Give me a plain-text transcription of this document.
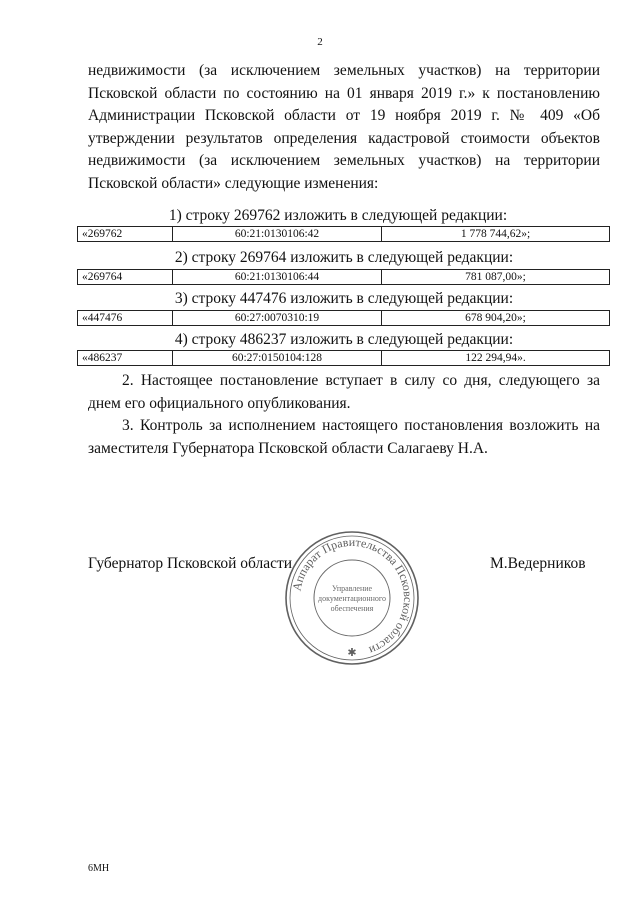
2

недвижимости (за исключением земельных участков) на территории Псковской области по состоянию на 01 января 2019 г.» к постановлению Администрации Псковской области от 19 ноября 2019 г. № 409 «Об утверждении результатов определения кадастровой стоимости объектов недвижимости (за исключением земельных участков) на территории Псковской области» следующие изменения:

1) строку 269762 изложить в следующей редакции:
«269762	60:21:0130106:42	1 778 744,62»;
2) строку 269764 изложить в следующей редакции:
«269764	60:21:0130106:44	781 087,00»;
3) строку 447476 изложить в следующей редакции:
«447476	60:27:0070310:19	678 904,20»;
4) строку 486237 изложить в следующей редакции:
«486237	60:27:0150104:128	122 294,94».

2. Настоящее постановление вступает в силу со дня, следующего за днем его официального опубликования.

3. Контроль за исполнением настоящего постановления возложить на заместителя Губернатора Псковской области Салагаеву Н.А.

Губернатор Псковской области	М.Ведерников
Аппарат Правительства Псковской области
Управление
документационного
обеспечения
✱
6МН
